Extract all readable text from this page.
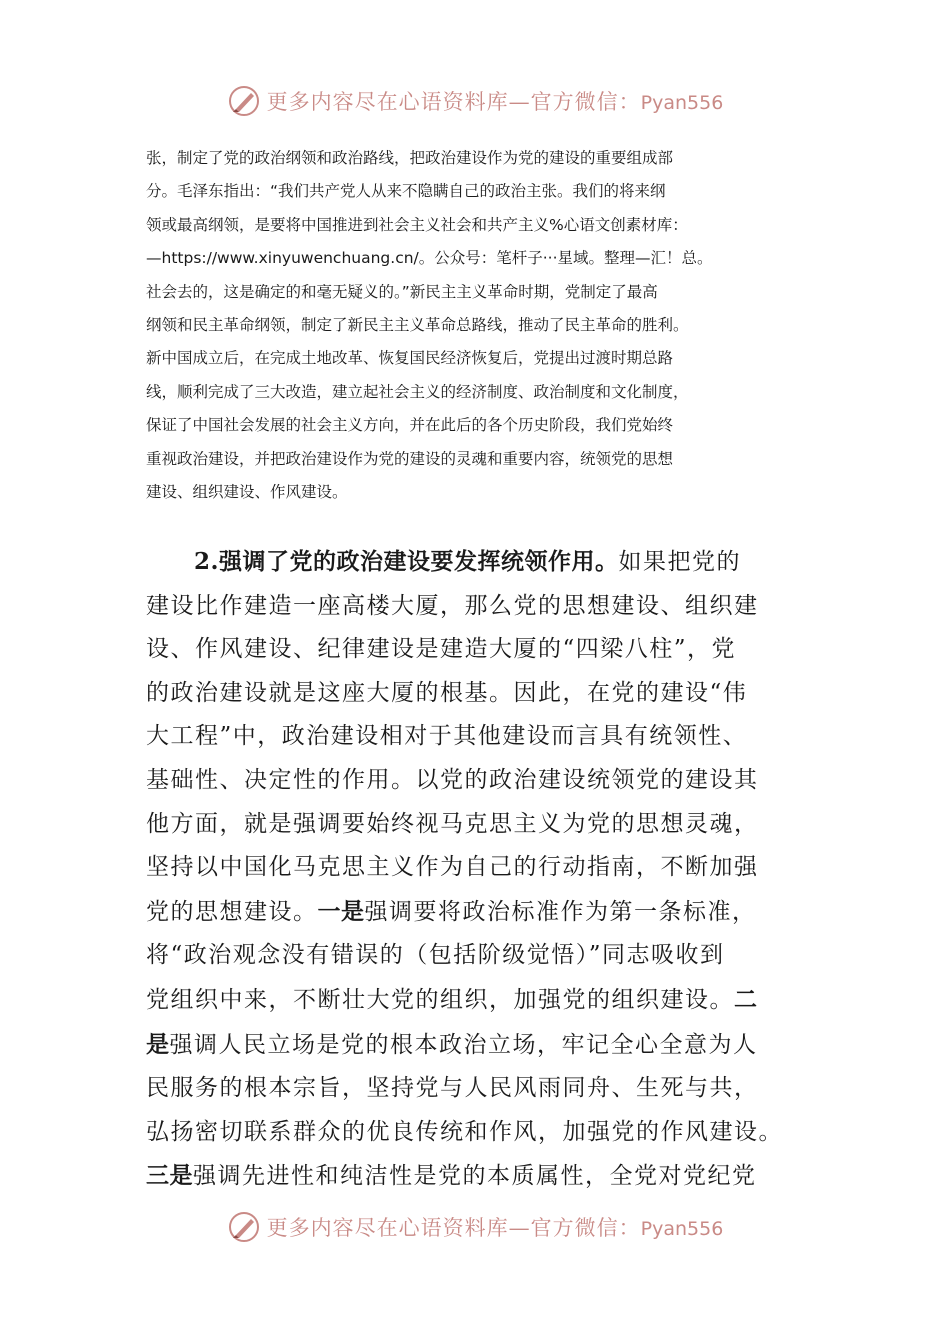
更多内容尽在心语资料库—官方微信：Pyan556
张，制定了党的政治纲领和政治路线，把政治建设作为党的建设的重要组成部
分。毛泽东指出：“我们共产党人从来不隐瞒自己的政治主张。我们的将来纲
领或最高纲领，是要将中国推进到社会主义社会和共产主义%心语文创素材库：
—https://www.xinyuwenchuang.cn/。公众号：笔杆子···星域。整理—汇！总。
社会去的，这是确定的和毫无疑义的。”新民主主义革命时期，党制定了最高
纲领和民主革命纲领，制定了新民主主义革命总路线，推动了民主革命的胜利。
新中国成立后，在完成土地改革、恢复国民经济恢复后，党提出过渡时期总路
线，顺利完成了三大改造，建立起社会主义的经济制度、政治制度和文化制度，
保证了中国社会发展的社会主义方向，并在此后的各个历史阶段，我们党始终
重视政治建设，并把政治建设作为党的建设的灵魂和重要内容，统领党的思想
建设、组织建设、作风建设。
2.强调了党的政治建设要发挥统领作用。如果把党的
建设比作建造一座高楼大厦，那么党的思想建设、组织建
设、作风建设、纪律建设是建造大厦的“四梁八柱”，党
的政治建设就是这座大厦的根基。因此，在党的建设“伟
大工程”中，政治建设相对于其他建设而言具有统领性、
基础性、决定性的作用。以党的政治建设统领党的建设其
他方面，就是强调要始终视马克思主义为党的思想灵魂，
坚持以中国化马克思主义作为自己的行动指南，不断加强
党的思想建设。一是强调要将政治标准作为第一条标准，
将“政治观念没有错误的（包括阶级觉悟）”同志吸收到
党组织中来，不断壮大党的组织，加强党的组织建设。二
是强调人民立场是党的根本政治立场，牢记全心全意为人
民服务的根本宗旨，坚持党与人民风雨同舟、生死与共，
弘扬密切联系群众的优良传统和作风，加强党的作风建设。
三是强调先进性和纯洁性是党的本质属性，全党对党纪党
更多内容尽在心语资料库—官方微信：Pyan556
